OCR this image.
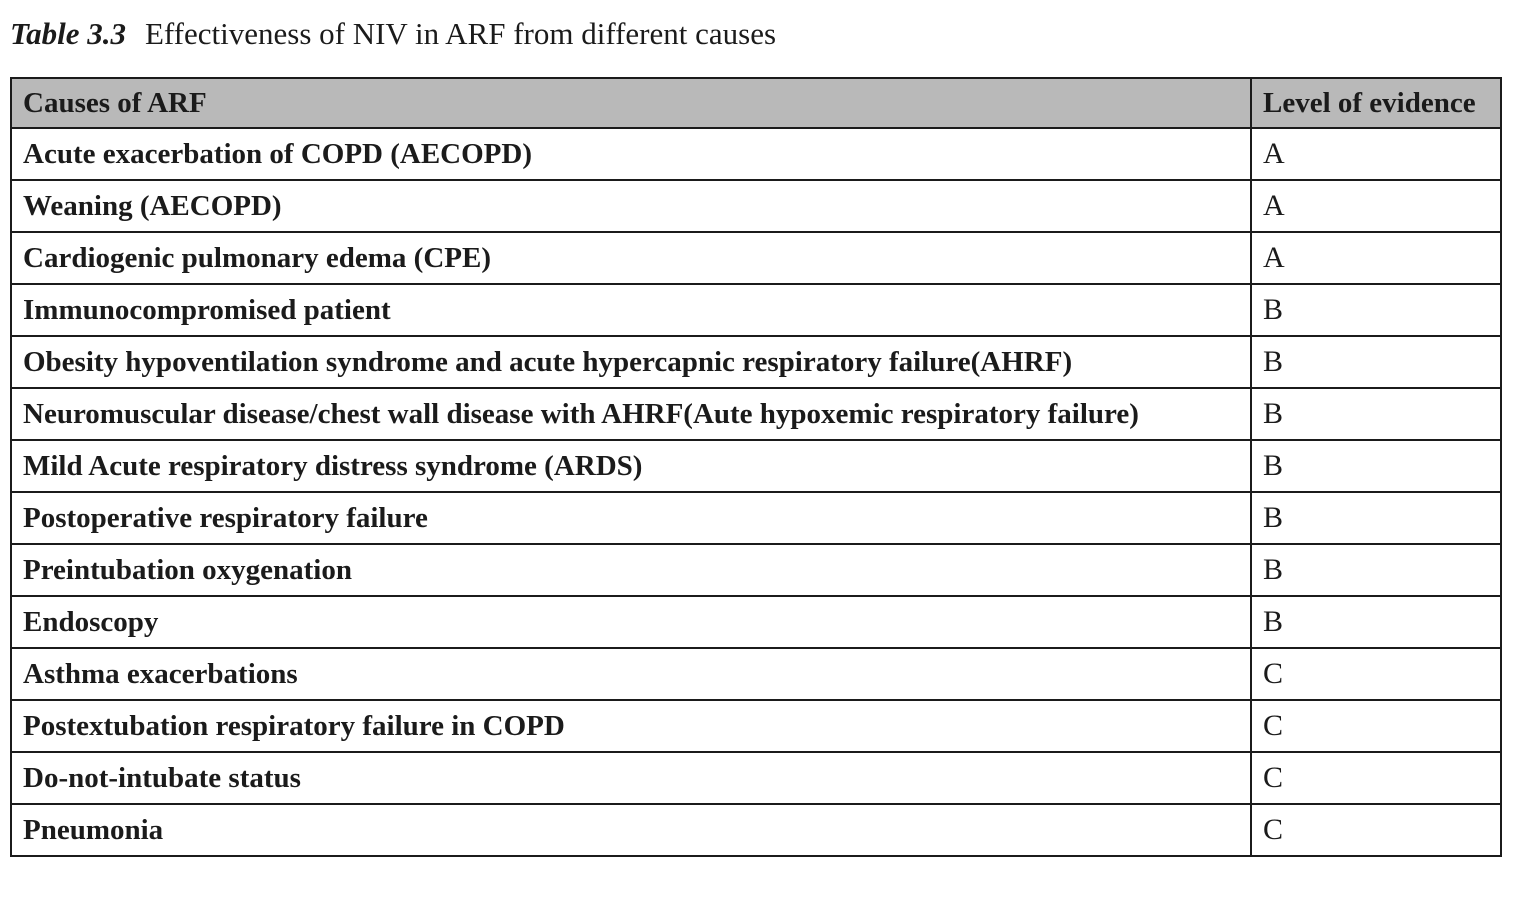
Table 3.3 Effectiveness of NIV in ARF from different causes
Causes of ARF	Level of evidence
Acute exacerbation of COPD (AECOPD)	A
Weaning (AECOPD)	A
Cardiogenic pulmonary edema (CPE)	A
Immunocompromised patient	B
Obesity hypoventilation syndrome and acute hypercapnic respiratory failure(AHRF)	B
Neuromuscular disease/chest wall disease with AHRF(Aute hypoxemic respiratory failure)	B
Mild Acute respiratory distress syndrome (ARDS)	B
Postoperative respiratory failure	B
Preintubation oxygenation	B
Endoscopy	B
Asthma exacerbations	C
Postextubation respiratory failure in COPD	C
Do-not-intubate status	C
Pneumonia	C
